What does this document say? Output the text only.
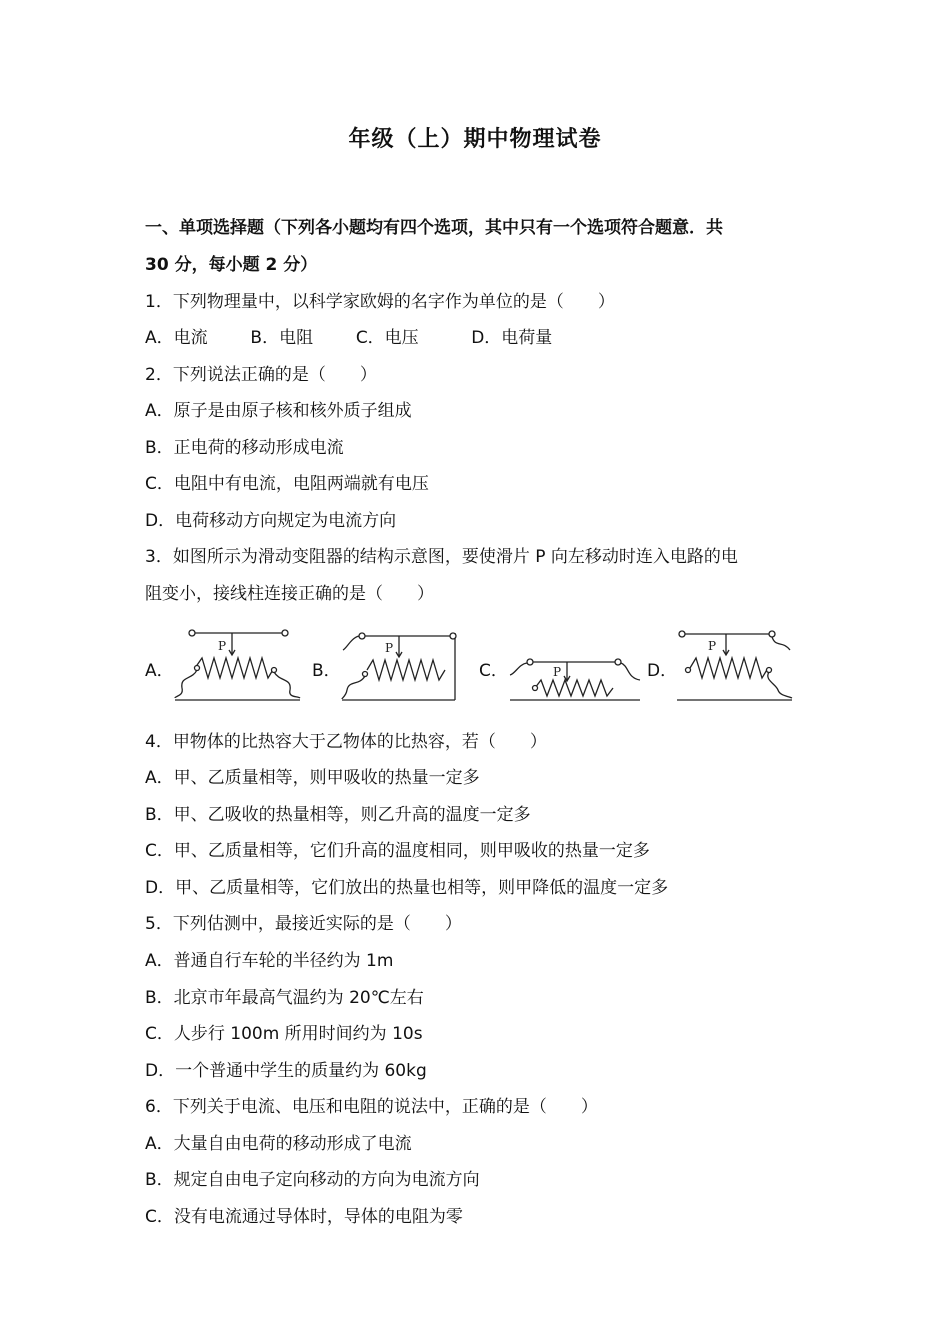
年级（上）期中物理试卷
一、单项选择题（下列各小题均有四个选项，其中只有一个选项符合题意．共
30 分，每小题 2 分）
1．下列物理量中，以科学家欧姆的名字作为单位的是（　　）
A．电流	B．电阻	C．电压	D．电荷量
2．下列说法正确的是（　　）
A．原子是由原子核和核外质子组成
B．正电荷的移动形成电流
C．电阻中有电流，电阻两端就有电压
D．电荷移动方向规定为电流方向
3．如图所示为滑动变阻器的结构示意图，要使滑片 P 向左移动时连入电路的电
阻变小，接线柱连接正确的是（　　）
A．	B．	C．	D．
P	P
P
P
4．甲物体的比热容大于乙物体的比热容，若（　　）
A．甲、乙质量相等，则甲吸收的热量一定多
B．甲、乙吸收的热量相等，则乙升高的温度一定多
C．甲、乙质量相等，它们升高的温度相同，则甲吸收的热量一定多
D．甲、乙质量相等，它们放出的热量也相等，则甲降低的温度一定多
5．下列估测中，最接近实际的是（　　）
A．普通自行车轮的半径约为 1m
B．北京市年最高气温约为 20℃左右
C．人步行 100m 所用时间约为 10s
D．一个普通中学生的质量约为 60kg
6．下列关于电流、电压和电阻的说法中，正确的是（　　）
A．大量自由电荷的移动形成了电流
B．规定自由电子定向移动的方向为电流方向
C．没有电流通过导体时，导体的电阻为零
